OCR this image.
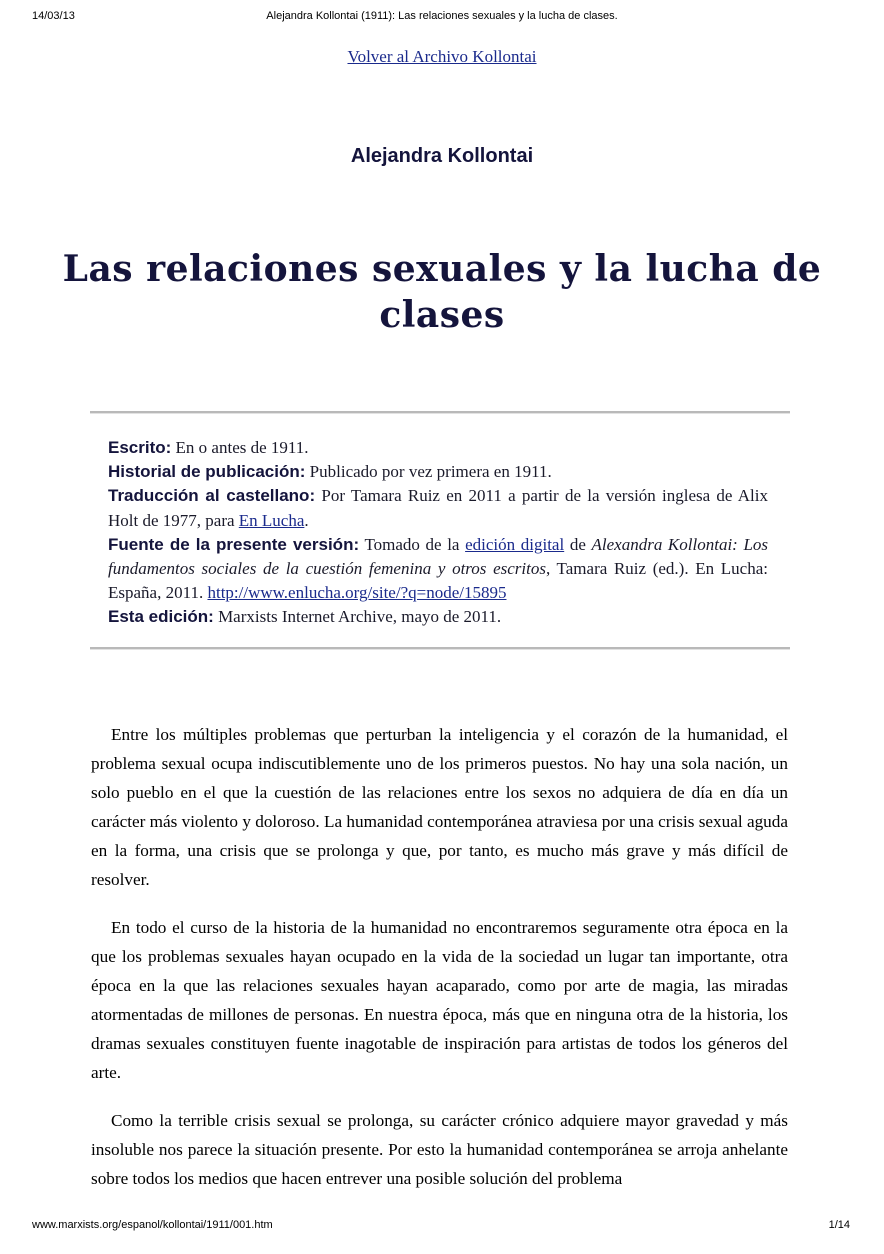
14/03/13	Alejandra Kollontai (1911): Las relaciones sexuales y la lucha de clases.
Volver al Archivo Kollontai
Alejandra Kollontai
Las relaciones sexuales y la lucha de clases
Escrito: En o antes de 1911.
Historial de publicación: Publicado por vez primera en 1911.
Traducción al castellano: Por Tamara Ruiz en 2011 a partir de la versión inglesa de Alix Holt de 1977, para En Lucha.
Fuente de la presente versión: Tomado de la edición digital de Alexandra Kollontai: Los fundamentos sociales de la cuestión femenina y otros escritos, Tamara Ruiz (ed.). En Lucha: España, 2011. http://www.enlucha.org/site/?q=node/15895
Esta edición: Marxists Internet Archive, mayo de 2011.

Entre los múltiples problemas que perturban la inteligencia y el corazón de la humanidad, el problema sexual ocupa indiscutiblemente uno de los primeros puestos. No hay una sola nación, un solo pueblo en el que la cuestión de las relaciones entre los sexos no adquiera de día en día un carácter más violento y doloroso. La humanidad contemporánea atraviesa por una crisis sexual aguda en la forma, una crisis que se prolonga y que, por tanto, es mucho más grave y más difícil de resolver.

En todo el curso de la historia de la humanidad no encontraremos seguramente otra época en la que los problemas sexuales hayan ocupado en la vida de la sociedad un lugar tan importante, otra época en la que las relaciones sexuales hayan acaparado, como por arte de magia, las miradas atormentadas de millones de personas. En nuestra época, más que en ninguna otra de la historia, los dramas sexuales constituyen fuente inagotable de inspiración para artistas de todos los géneros del arte.

Como la terrible crisis sexual se prolonga, su carácter crónico adquiere mayor gravedad y más insoluble nos parece la situación presente. Por esto la humanidad contemporánea se arroja anhelante sobre todos los medios que hacen entrever una posible solución del problema

www.marxists.org/espanol/kollontai/1911/001.htm	1/14
